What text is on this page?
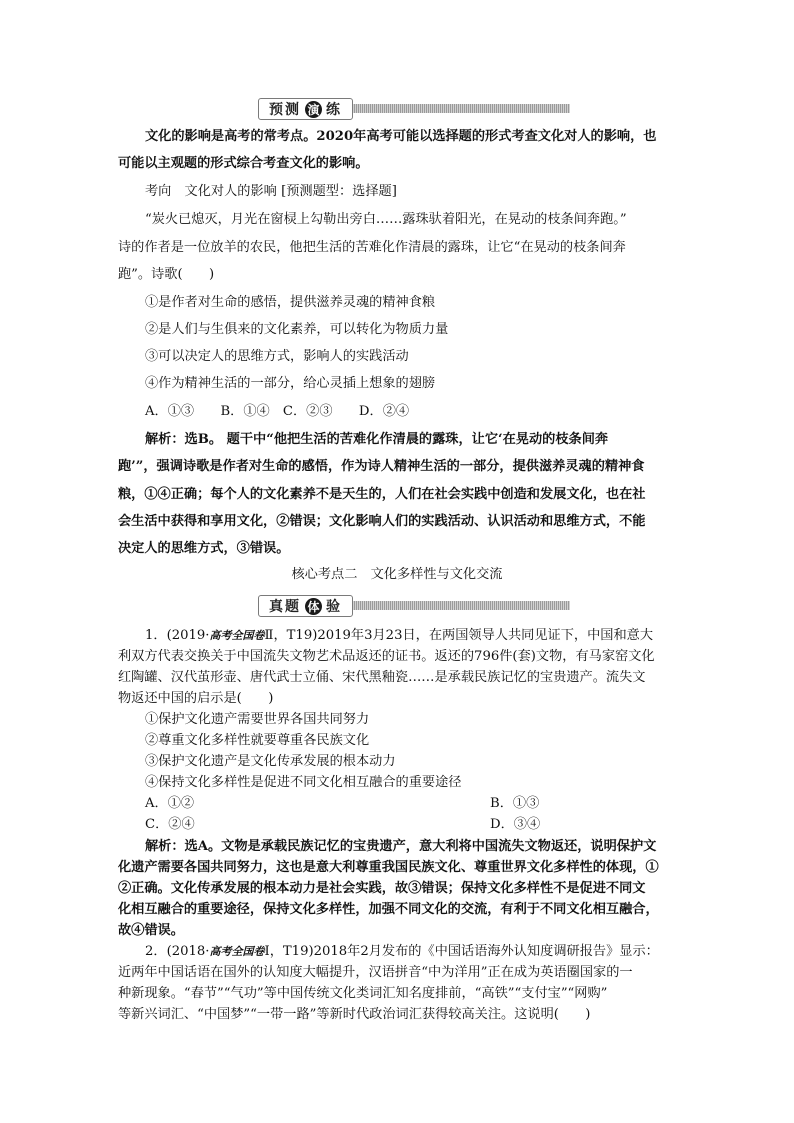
预测 演 练
文化的影响是高考的常考点。2020年高考可能以选择题的形式考查文化对人的影响，也
可能以主观题的形式综合考查文化的影响。
考向　文化对人的影响 [预测题型：选择题]
“炭火已熄灭，月光在窗棂上勾勒出旁白……露珠驮着阳光，在晃动的枝条间奔跑。”
诗的作者是一位放羊的农民，他把生活的苦难化作清晨的露珠，让它“在晃动的枝条间奔
跑”。诗歌(　　)
①是作者对生命的感悟，提供滋养灵魂的精神食粮
②是人们与生俱来的文化素养，可以转化为物质力量
③可以决定人的思维方式，影响人的实践活动
④作为精神生活的一部分，给心灵插上想象的翅膀
A．①③　　B．①④　C．②③　　D．②④
解析：选B。 题干中“他把生活的苦难化作清晨的露珠，让它‘在晃动的枝条间奔
跑’”，强调诗歌是作者对生命的感悟，作为诗人精神生活的一部分，提供滋养灵魂的精神食
粮，①④正确；每个人的文化素养不是天生的，人们在社会实践中创造和发展文化，也在社
会生活中获得和享用文化，②错误；文化影响人们的实践活动、认识活动和思维方式，不能
决定人的思维方式，③错误。
核心考点二　文化多样性与文化交流
真题 体 验
1．(2019·高考全国卷Ⅱ，T19)2019年3月23日，在两国领导人共同见证下，中国和意大
利双方代表交换关于中国流失文物艺术品返还的证书。返还的796件(套)文物，有马家窑文化
红陶罐、汉代茧形壶、唐代武士立俑、宋代黑釉瓷……是承载民族记忆的宝贵遗产。流失文
物返还中国的启示是(　　)
①保护文化遗产需要世界各国共同努力
②尊重文化多样性就要尊重各民族文化
③保护文化遗产是文化传承发展的根本动力
④保持文化多样性是促进不同文化相互融合的重要途径
A．①②	B．①③
C．②④	D．③④
解析：选A。文物是承载民族记忆的宝贵遗产，意大利将中国流失文物返还，说明保护文
化遗产需要各国共同努力，这也是意大利尊重我国民族文化、尊重世界文化多样性的体现，①
②正确。文化传承发展的根本动力是社会实践，故③错误；保持文化多样性不是促进不同文
化相互融合的重要途径，保持文化多样性，加强不同文化的交流，有利于不同文化相互融合，
故④错误。
2．(2018·高考全国卷Ⅰ，T19)2018年2月发布的《中国话语海外认知度调研报告》显示：
近两年中国话语在国外的认知度大幅提升，汉语拼音“中为洋用”正在成为英语圈国家的一
种新现象。“春节”“气功”等中国传统文化类词汇知名度排前，“高铁”“支付宝”“网购”
等新兴词汇、“中国梦”“一带一路”等新时代政治词汇获得较高关注。这说明(　　)
